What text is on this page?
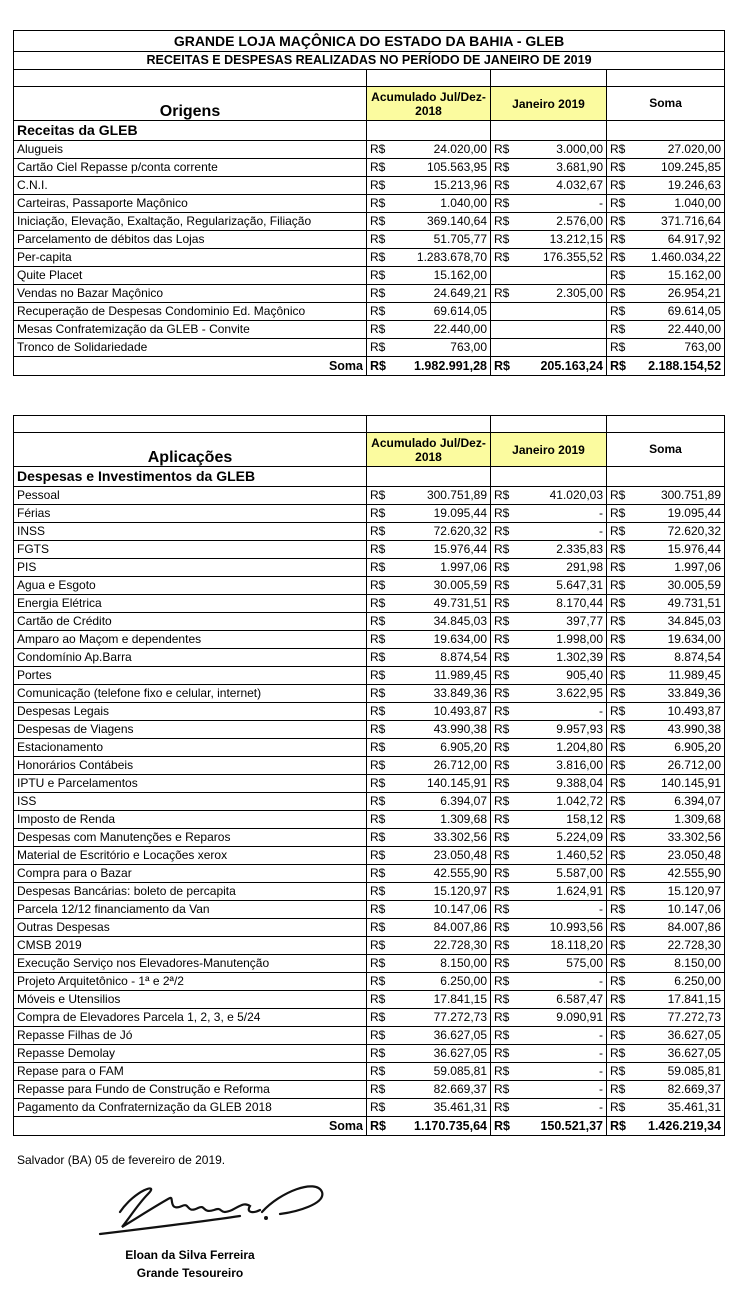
GRANDE LOJA MAÇÔNICA DO ESTADO DA BAHIA - GLEB						
RECEITAS E DESPESAS REALIZADAS NO PERÍODO DE JANEIRO DE 2019						

Origens	Acumulado Jul/Dez-2018		Janeiro 2019		Soma	
Receitas da GLEB						
Alugueis	R$	24.020,00	R$	3.000,00	R$	27.020,00
Cartão Ciel Repasse p/conta corrente	R$	105.563,95	R$	3.681,90	R$	109.245,85
C.N.I.	R$	15.213,96	R$	4.032,67	R$	19.246,63
Carteiras, Passaporte Maçônico	R$	1.040,00	R$	-	R$	1.040,00
Iniciação, Elevação, Exaltação, Regularização, Filiação	R$	369.140,64	R$	2.576,00	R$	371.716,64
Parcelamento de débitos das Lojas	R$	51.705,77	R$	13.212,15	R$	64.917,92
Per-capita	R$	1.283.678,70	R$	176.355,52	R$	1.460.034,22
Quite Placet	R$	15.162,00			R$	15.162,00
Vendas no Bazar Maçônico	R$	24.649,21	R$	2.305,00	R$	26.954,21
Recuperação de Despesas Condominio Ed. Maçônico	R$	69.614,05			R$	69.614,05
Mesas Confratemização da GLEB - Convite	R$	22.440,00			R$	22.440,00
Tronco de Solidariedade	R$	763,00			R$	763,00
Soma	R$	1.982.991,28	R$	205.163,24	R$	2.188.154,52

Aplicações	Acumulado Jul/Dez-2018		Janeiro 2019		Soma	
Despesas e Investimentos da GLEB						
Pessoal	R$	300.751,89	R$	41.020,03	R$	300.751,89
Férias	R$	19.095,44	R$	-	R$	19.095,44
INSS	R$	72.620,32	R$	-	R$	72.620,32
FGTS	R$	15.976,44	R$	2.335,83	R$	15.976,44
PIS	R$	1.997,06	R$	291,98	R$	1.997,06
Agua e Esgoto	R$	30.005,59	R$	5.647,31	R$	30.005,59
Energia Elétrica	R$	49.731,51	R$	8.170,44	R$	49.731,51
Cartão de Crédito	R$	34.845,03	R$	397,77	R$	34.845,03
Amparo ao Maçom e dependentes	R$	19.634,00	R$	1.998,00	R$	19.634,00
Condomínio Ap.Barra	R$	8.874,54	R$	1.302,39	R$	8.874,54
Portes	R$	11.989,45	R$	905,40	R$	11.989,45
Comunicação (telefone fixo e celular, internet)	R$	33.849,36	R$	3.622,95	R$	33.849,36
Despesas Legais	R$	10.493,87	R$	-	R$	10.493,87
Despesas de Viagens	R$	43.990,38	R$	9.957,93	R$	43.990,38
Estacionamento	R$	6.905,20	R$	1.204,80	R$	6.905,20
Honorários Contábeis	R$	26.712,00	R$	3.816,00	R$	26.712,00
IPTU e Parcelamentos	R$	140.145,91	R$	9.388,04	R$	140.145,91
ISS	R$	6.394,07	R$	1.042,72	R$	6.394,07
Imposto de Renda	R$	1.309,68	R$	158,12	R$	1.309,68
Despesas com Manutenções e Reparos	R$	33.302,56	R$	5.224,09	R$	33.302,56
Material de Escritório e Locações xerox	R$	23.050,48	R$	1.460,52	R$	23.050,48
Compra para o Bazar	R$	42.555,90	R$	5.587,00	R$	42.555,90
Despesas Bancárias: boleto de percapita	R$	15.120,97	R$	1.624,91	R$	15.120,97
Parcela 12/12 financiamento da Van	R$	10.147,06	R$	-	R$	10.147,06
Outras Despesas	R$	84.007,86	R$	10.993,56	R$	84.007,86
CMSB 2019	R$	22.728,30	R$	18.118,20	R$	22.728,30
Execução Serviço nos Elevadores-Manutenção	R$	8.150,00	R$	575,00	R$	8.150,00
Projeto Arquitetônico - 1ª e 2ª/2	R$	6.250,00	R$	-	R$	6.250,00
Móveis e Utensilios	R$	17.841,15	R$	6.587,47	R$	17.841,15
Compra de Elevadores Parcela 1, 2, 3, e 5/24	R$	77.272,73	R$	9.090,91	R$	77.272,73
Repasse Filhas de Jó	R$	36.627,05	R$	-	R$	36.627,05
Repasse Demolay	R$	36.627,05	R$	-	R$	36.627,05
Repase para o FAM	R$	59.085,81	R$	-	R$	59.085,81
Repasse para Fundo de Construção e Reforma	R$	82.669,37	R$	-	R$	82.669,37
Pagamento da Confraternização da GLEB 2018	R$	35.461,31	R$	-	R$	35.461,31
Soma	R$	1.170.735,64	R$	150.521,37	R$	1.426.219,34
Salvador (BA) 05 de fevereiro de 2019.
Eloan da Silva Ferreira
Grande Tesoureiro
